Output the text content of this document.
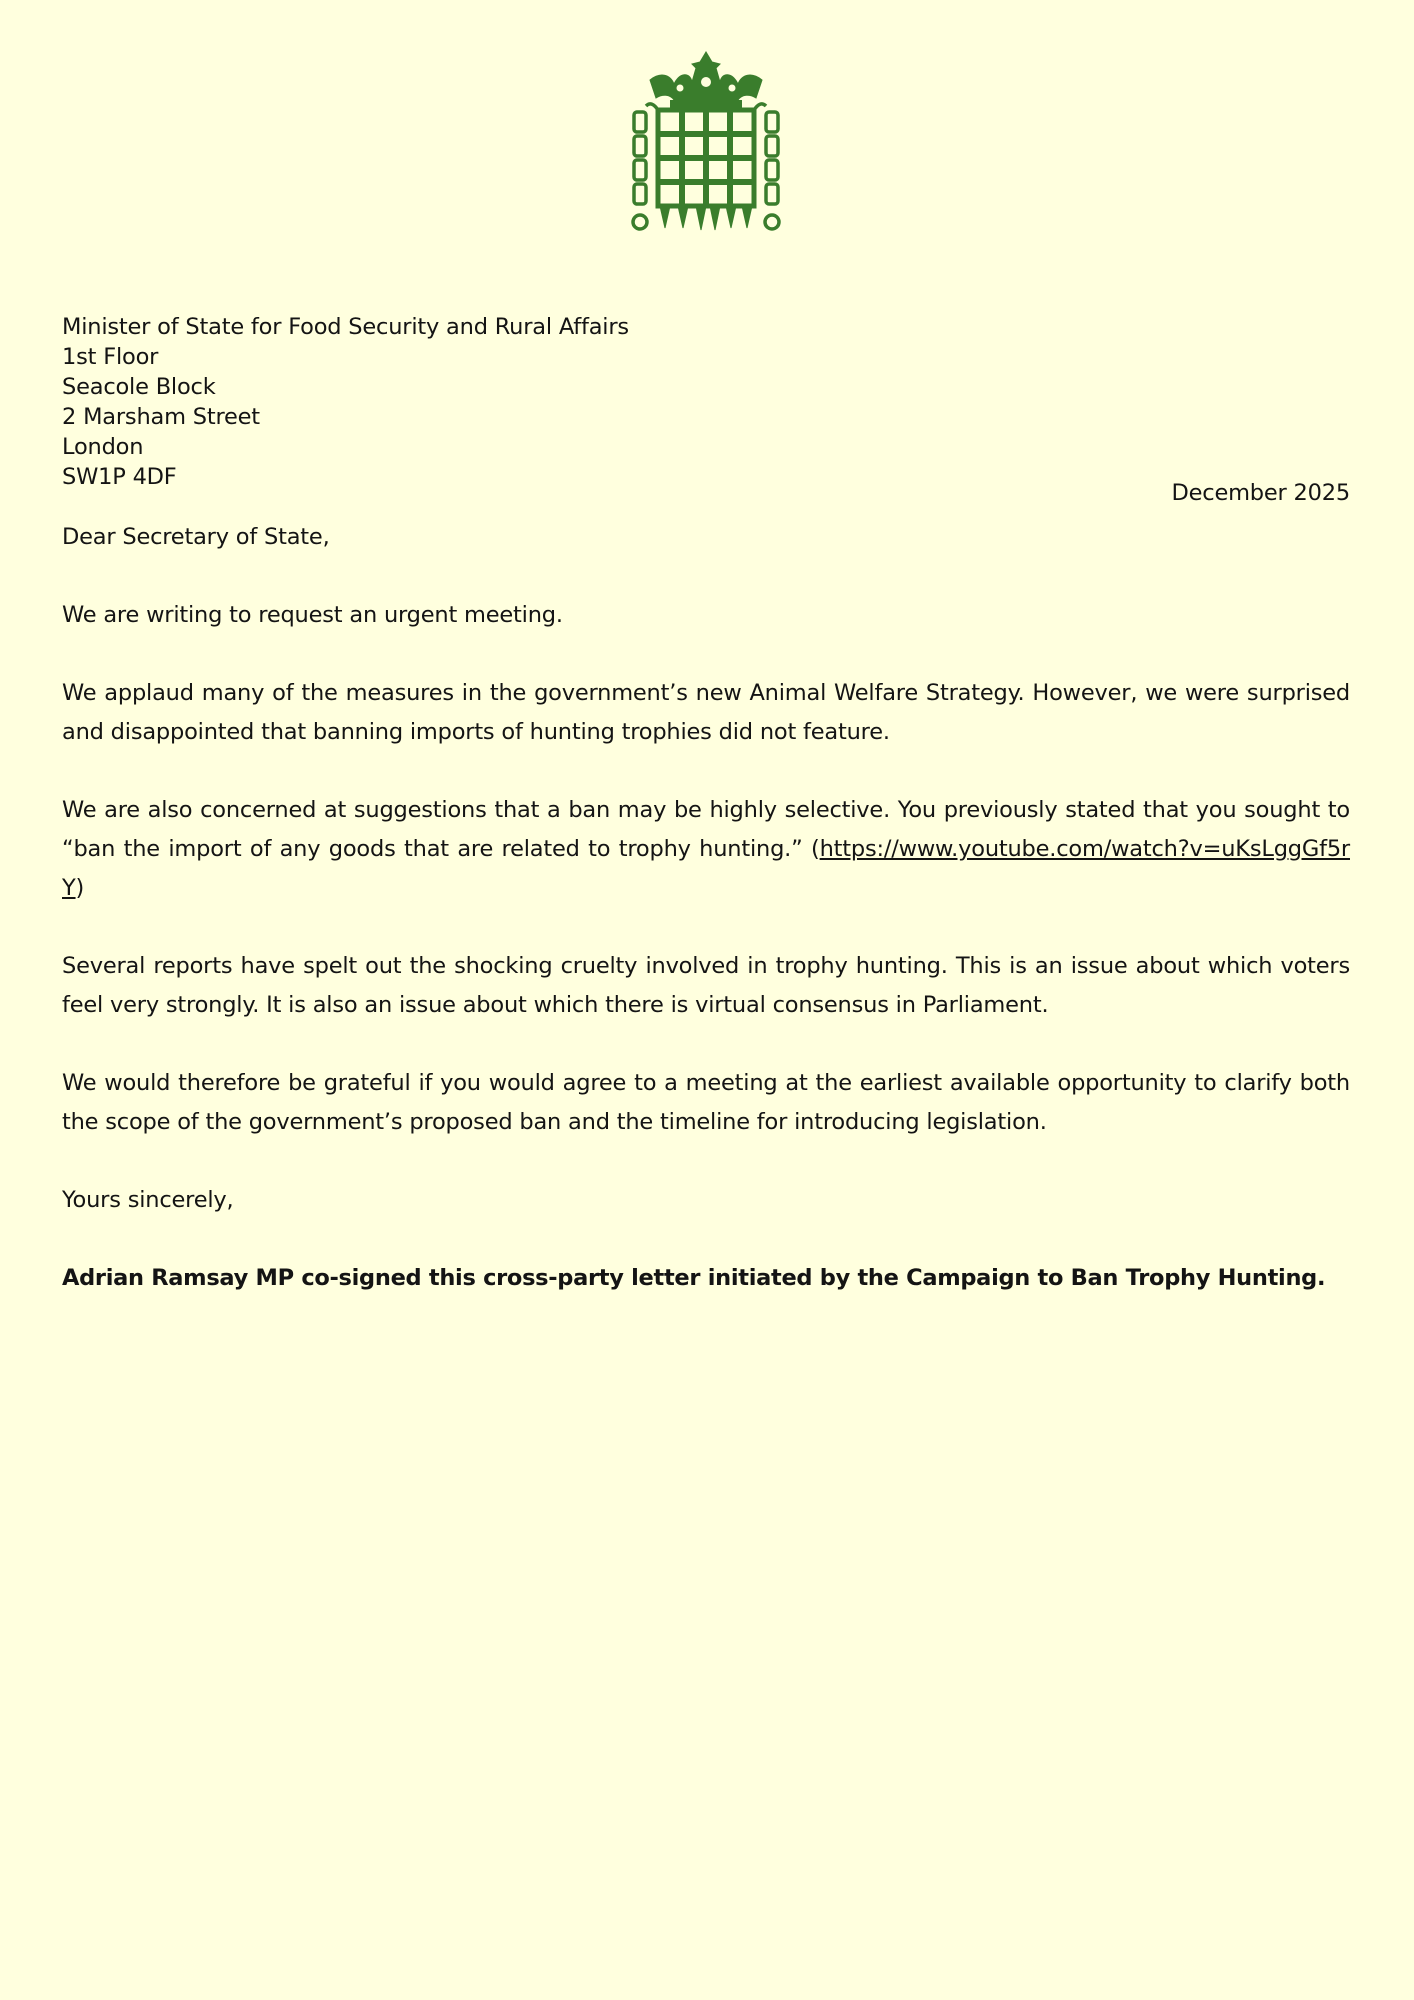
Minister of State for Food Security and Rural Affairs
1st Floor
Seacole Block
2 Marsham Street
London
SW1P 4DF
December 2025

Dear Secretary of State,

We are writing to request an urgent meeting.

We applaud many of the measures in the government’s new Animal Welfare Strategy. However, we were surprised and disappointed that banning imports of hunting trophies did not feature.

We are also concerned at suggestions that a ban may be highly selective. You previously stated that you sought to “ban the import of any goods that are related to trophy hunting.” (https://www.youtube.com/watch?v=uKsLggGf5rY)

Several reports have spelt out the shocking cruelty involved in trophy hunting. This is an issue about which voters feel very strongly. It is also an issue about which there is virtual consensus in Parliament.

We would therefore be grateful if you would agree to a meeting at the earliest available opportunity to clarify both the scope of the government’s proposed ban and the timeline for introducing legislation.

Yours sincerely,

Adrian Ramsay MP co-signed this cross-party letter initiated by the Campaign to Ban Trophy Hunting.
